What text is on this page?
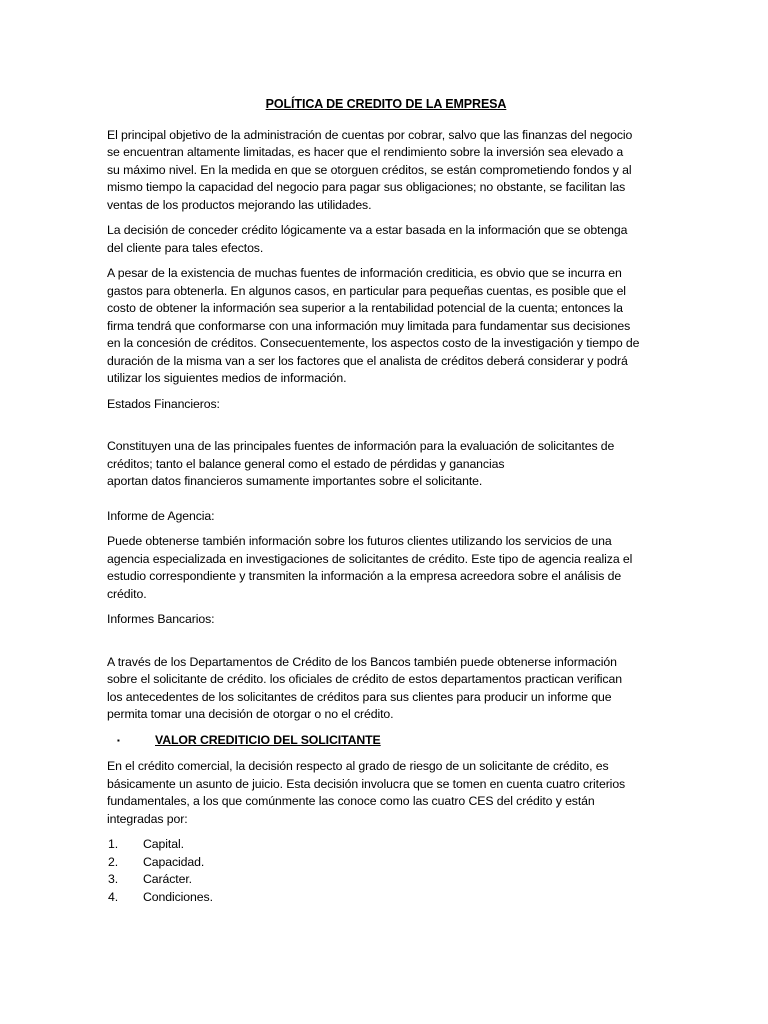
POLÍTICA DE CREDITO DE LA EMPRESA

El principal objetivo de la administración de cuentas por cobrar, salvo que las finanzas del negocio
se encuentran altamente limitadas, es hacer que el rendimiento sobre la inversión sea elevado a
su máximo nivel. En la medida en que se otorguen créditos, se están comprometiendo fondos y al
mismo tiempo la capacidad del negocio para pagar sus obligaciones; no obstante, se facilitan las
ventas de los productos mejorando las utilidades.

La decisión de conceder crédito lógicamente va a estar basada en la información que se obtenga
del cliente para tales efectos.

A pesar de la existencia de muchas fuentes de información crediticia, es obvio que se incurra en
gastos para obtenerla. En algunos casos, en particular para pequeñas cuentas, es posible que el
costo de obtener la información sea superior a la rentabilidad potencial de la cuenta; entonces la
firma tendrá que conformarse con una información muy limitada para fundamentar sus decisiones
en la concesión de créditos. Consecuentemente, los aspectos costo de la investigación y tiempo de
duración de la misma van a ser los factores que el analista de créditos deberá considerar y podrá
utilizar los siguientes medios de información.

Estados Financieros:

Constituyen una de las principales fuentes de información para la evaluación de solicitantes de
créditos; tanto el balance general como el estado de pérdidas y ganancias
aportan datos financieros sumamente importantes sobre el solicitante.

Informe de Agencia:

Puede obtenerse también información sobre los futuros clientes utilizando los servicios de una
agencia especializada en investigaciones de solicitantes de crédito. Este tipo de agencia realiza el
estudio correspondiente y transmiten la información a la empresa acreedora sobre el análisis de
crédito.

Informes Bancarios:

A través de los Departamentos de Crédito de los Bancos también puede obtenerse información
sobre el solicitante de crédito. los oficiales de crédito de estos departamentos practican verifican
los antecedentes de los solicitantes de créditos para sus clientes para producir un informe que
permita tomar una decisión de otorgar o no el crédito.

▪	VALOR CREDITICIO DEL SOLICITANTE

En el crédito comercial, la decisión respecto al grado de riesgo de un solicitante de crédito, es
básicamente un asunto de juicio. Esta decisión involucra que se tomen en cuenta cuatro criterios
fundamentales, a los que comúnmente las conoce como las cuatro CES del crédito y están
integradas por:

1.	Capital.
2.	Capacidad.
3.	Carácter.
4.	Condiciones.
